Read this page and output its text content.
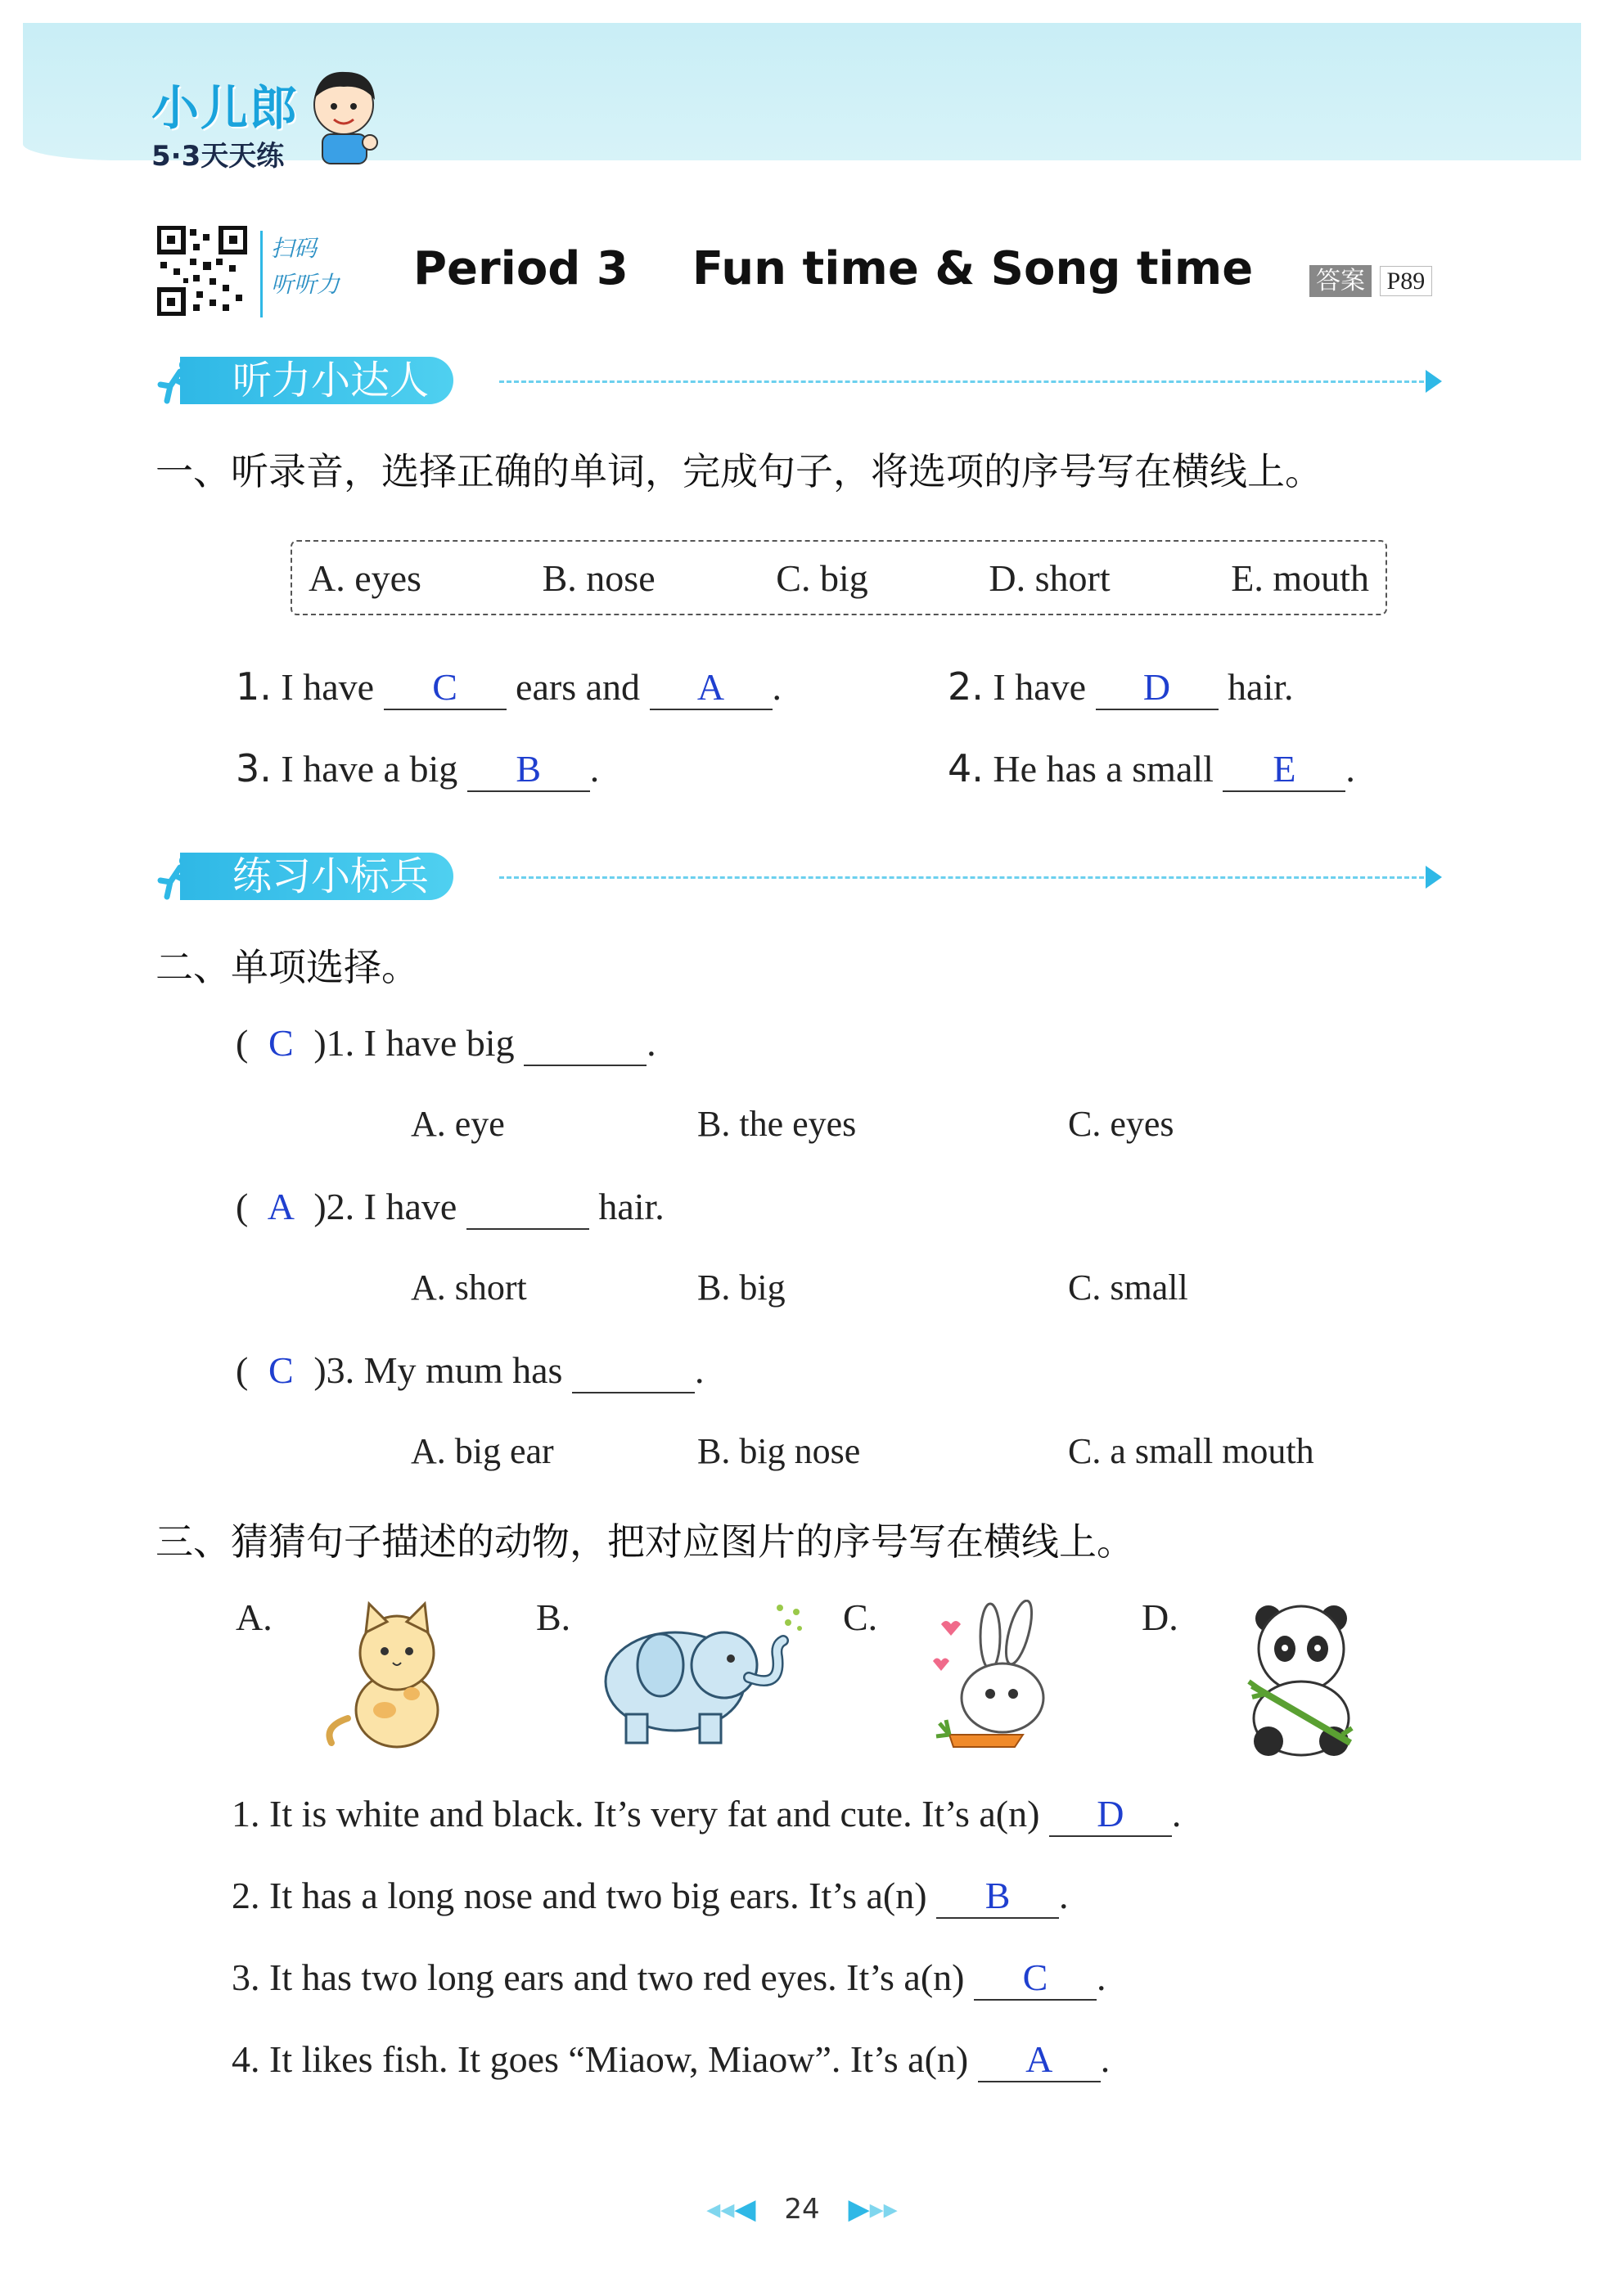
小儿郎
5·3天天练
扫码
听听力	Period 3    Fun time & Song time	答案 P89
听力小达人
一、听录音，选择正确的单词，完成句子，将选项的序号写在横线上。
A. eyes	B. nose	C. big	D. short	E. mouth
1. I have C ears and A .	2. I have D hair.
3. I have a big B .	4. He has a small E .
练习小标兵
二、单项选择。
( C )1. I have big	.
A. eye	B. the eyes	C. eyes
( A )2. I have	hair.
A. short	B. big	C. small
( C )3. My mum has	.
A. big ear	B. big nose	C. a small mouth
三、猜猜句子描述的动物，把对应图片的序号写在横线上。
A.	B.	C.	D.
1. It is white and black. It’s very fat and cute. It’s a(n) D .
2. It has a long nose and two big ears. It’s a(n) B .
3. It has two long ears and two red eyes. It’s a(n) C .
4. It likes fish. It goes “Miaow, Miaow”. It’s a(n) A .
◂◂◀ 24 ▶▸▸
